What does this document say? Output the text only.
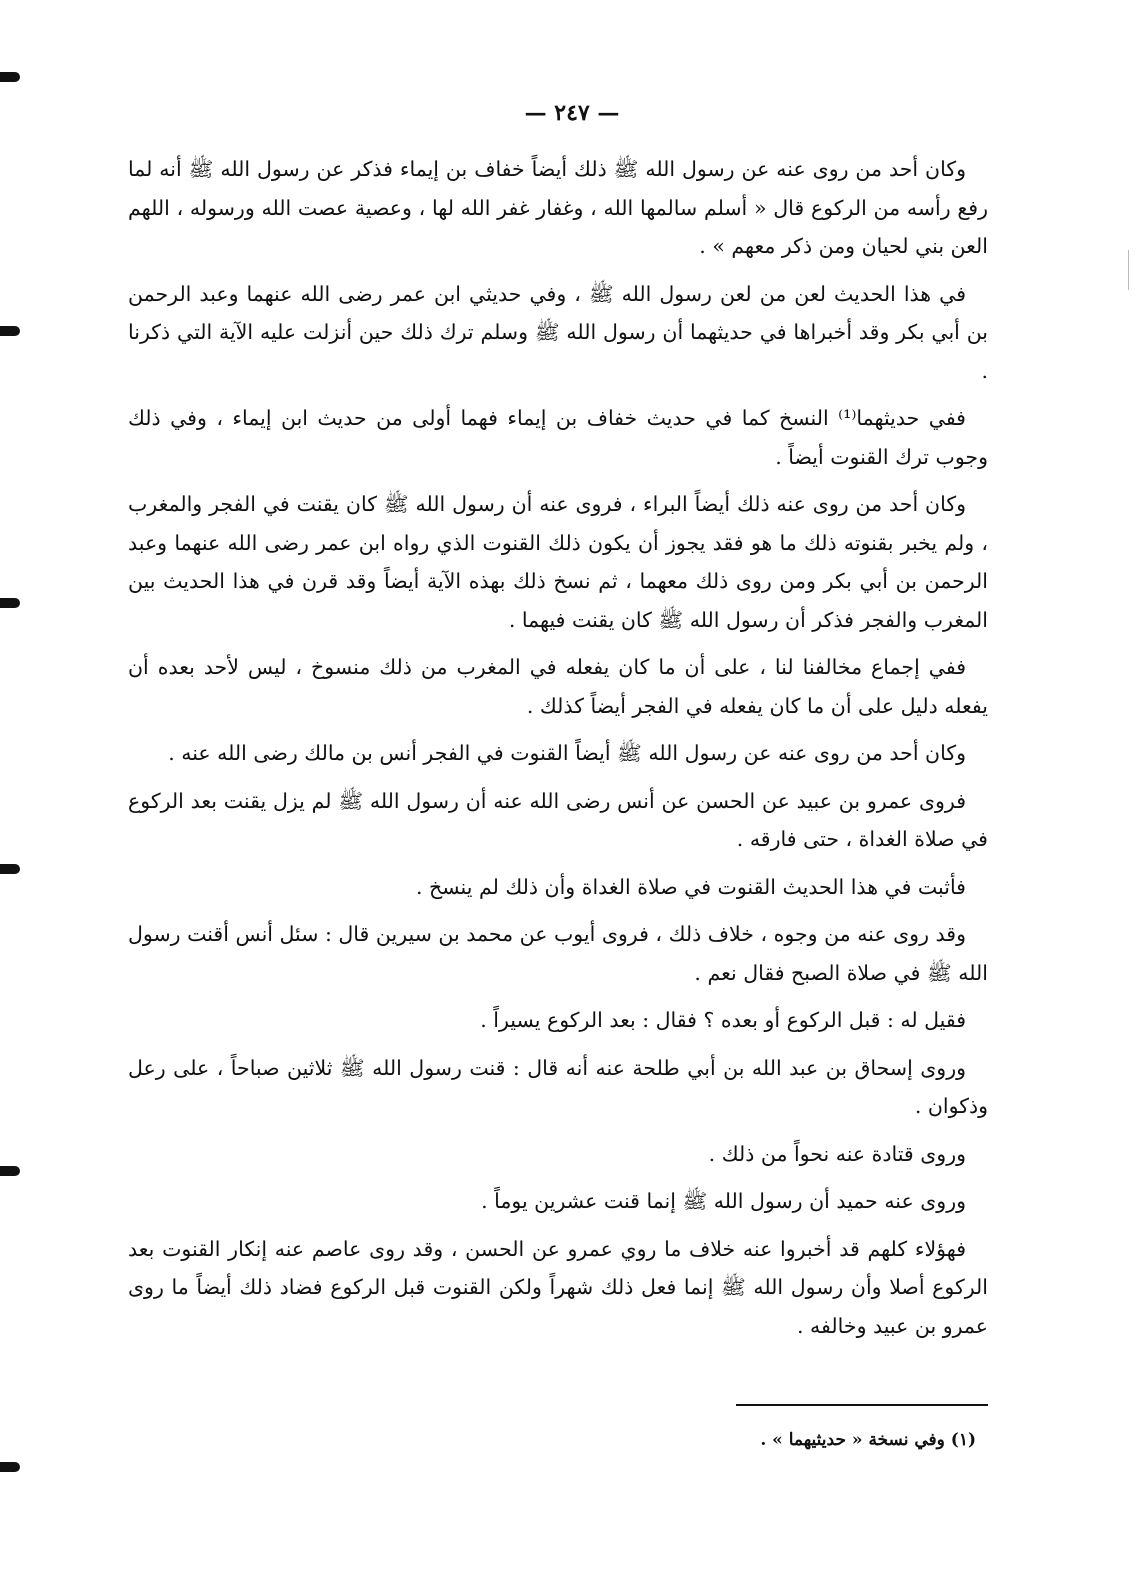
— ٢٤٧ —

وكان أحد من روى عنه عن رسول الله ﷺ ذلك أيضاً خفاف بن إيماء فذكر عن رسول الله ﷺ أنه لما رفع رأسه من الركوع قال « أسلم سالمها الله ، وغفار غفر الله لها ، وعصية عصت الله ورسوله ، اللهم العن بني لحيان ومن ذكر معهم » .

في هذا الحديث لعن من لعن رسول الله ﷺ ، وفي حديثي ابن عمر رضى الله عنهما وعبد الرحمن بن أبي بكر وقد أخبراها في حديثهما أن رسول الله ﷺ وسلم ترك ذلك حين أنزلت عليه الآية التي ذكرنا .

ففي حديثهما⁽¹⁾ النسخ كما في حديث خفاف بن إيماء فهما أولى من حديث ابن إيماء ، وفي ذلك وجوب ترك القنوت أيضاً .

وكان أحد من روى عنه ذلك أيضاً البراء ، فروى عنه أن رسول الله ﷺ كان يقنت في الفجر والمغرب ، ولم يخبر بقنوته ذلك ما هو فقد يجوز أن يكون ذلك القنوت الذي رواه ابن عمر رضى الله عنهما وعبد الرحمن بن أبي بكر ومن روى ذلك معهما ، ثم نسخ ذلك بهذه الآية أيضاً وقد قرن في هذا الحديث بين المغرب والفجر فذكر أن رسول الله ﷺ كان يقنت فيهما .

ففي إجماع مخالفنا لنا ، على أن ما كان يفعله في المغرب من ذلك منسوخ ، ليس لأحد بعده أن يفعله دليل على أن ما كان يفعله في الفجر أيضاً كذلك .

وكان أحد من روى عنه عن رسول الله ﷺ أيضاً القنوت في الفجر أنس بن مالك رضى الله عنه .

فروى عمرو بن عبيد عن الحسن عن أنس رضى الله عنه أن رسول الله ﷺ لم يزل يقنت بعد الركوع في صلاة الغداة ، حتى فارقه .

فأثبت في هذا الحديث القنوت في صلاة الغداة وأن ذلك لم ينسخ .

وقد روى عنه من وجوه ، خلاف ذلك ، فروى أيوب عن محمد بن سيرين قال : سئل أنس أقنت رسول الله ﷺ في صلاة الصبح فقال نعم .

فقيل له : قبل الركوع أو بعده ؟ فقال : بعد الركوع يسيراً .

وروى إسحاق بن عبد الله بن أبي طلحة عنه أنه قال : قنت رسول الله ﷺ ثلاثين صباحاً ، على رعل وذكوان .

وروى قتادة عنه نحواً من ذلك .

وروى عنه حميد أن رسول الله ﷺ إنما قنت عشرين يوماً .

فهؤلاء كلهم قد أخبروا عنه خلاف ما روي عمرو عن الحسن ، وقد روى عاصم عنه إنكار القنوت بعد الركوع أصلا وأن رسول الله ﷺ إنما فعل ذلك شهراً ولكن القنوت قبل الركوع فضاد ذلك أيضاً ما روى عمرو بن عبيد وخالفه .

(١) وفي نسخة « حديثيهما » .
